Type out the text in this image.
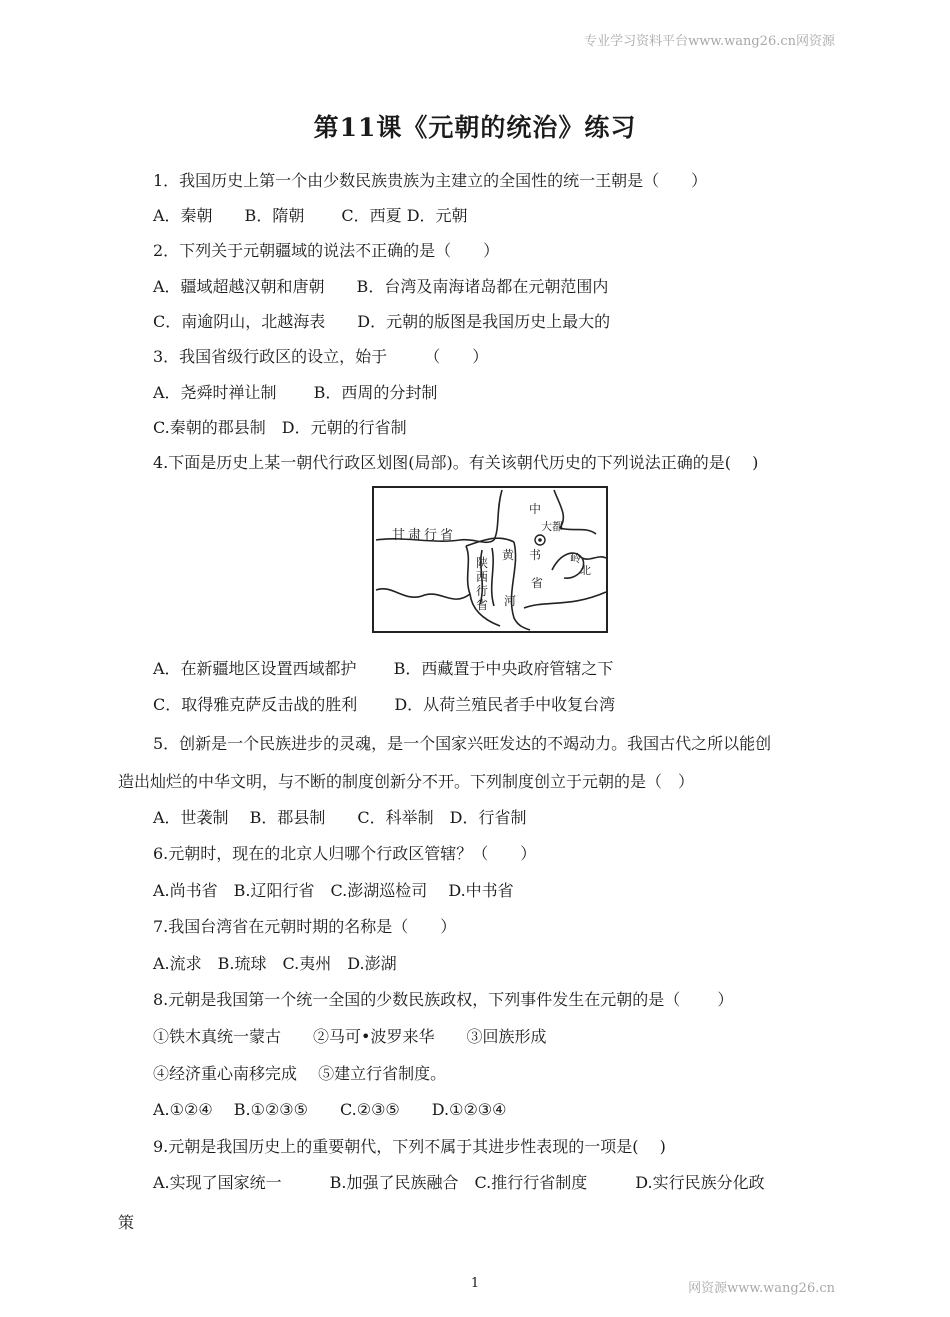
专业学习资料平台www.wang26.cn网资源
第11课《元朝的统治》练习
1．我国历史上第一个由少数民族贵族为主建立的全国性的统一王朝是（　　）
A．秦朝　　B．隋朝　　 C．西夏 D．元朝
2．下列关于元朝疆域的说法不正确的是（　　）
A．疆域超越汉朝和唐朝　　B．台湾及南海诸岛都在元朝范围内
C．南逾阴山，北越海表　　D．元朝的版图是我国历史上最大的
3．我国省级行政区的设立，始于　　 （　　）
A．尧舜时禅让制　　 B．西周的分封制
C.秦朝的郡县制　D．元朝的行省制
4.下面是历史上某一朝代行政区划图(局部)。有关该朝代历史的下列说法正确的是(　 )
甘肃行省
中
大都
书
省
陕
西
行
省
黄
河
岭
北
A．在新疆地区设置西域都护　　 B．西藏置于中央政府管辖之下
C．取得雅克萨反击战的胜利　　 D．从荷兰殖民者手中收复台湾
5．创新是一个民族进步的灵魂，是一个国家兴旺发达的不竭动力。我国古代之所以能创
造出灿烂的中华文明，与不断的制度创新分不开。下列制度创立于元朝的是（　）
A．世袭制　 B．郡县制　　C．科举制　D．行省制
6.元朝时，现在的北京人归哪个行政区管辖？（　　）
A.尚书省　B.辽阳行省　C.澎湖巡检司　 D.中书省
7.我国台湾省在元朝时期的名称是（　　）
A.流求　B.琉球　C.夷州　D.澎湖
8.元朝是我国第一个统一全国的少数民族政权，下列事件发生在元朝的是（　　 ）
①铁木真统一蒙古　　②马可•波罗来华　　③回族形成
④经济重心南移完成　 ⑤建立行省制度。
A.①②④　 B.①②③⑤　　C.②③⑤　　D.①②③④
9.元朝是我国历史上的重要朝代，下列不属于其进步性表现的一项是(　 )
A.实现了国家统一　　　B.加强了民族融合　C.推行行省制度　　　D.实行民族分化政
策
1	网资源www.wang26.cn
